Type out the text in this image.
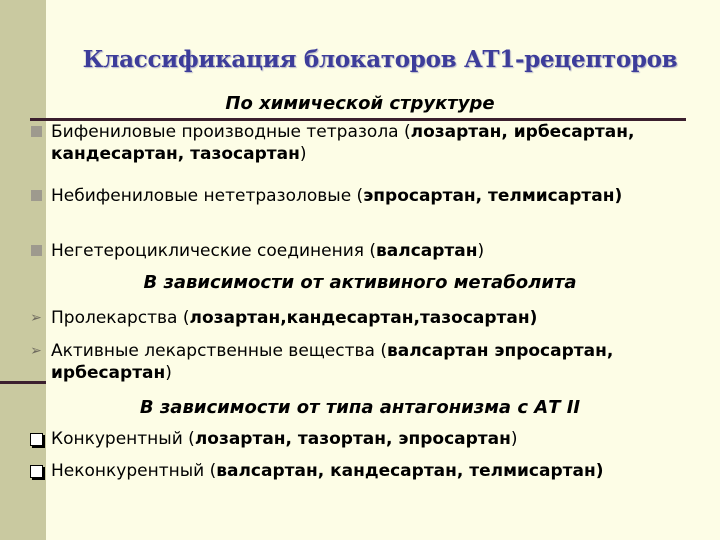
Классификация блокаторов АТ1-рецепторов
По химической структуре
Бифениловые производные тетразола (лозартан, ирбесартан, кандесартан, тазосартан)
Небифениловые нететразоловые (эпросартан, телмисартан)
Негетероциклические соединения (валсартан)
В зависимости от активиного метаболита
➢ Пролекарства (лозартан,кандесартан,тазосартан)
➢ Активные лекарственные вещества (валсартан эпросартан, ирбесартан)
В зависимости от типа антагонизма с АТ II
Конкурентный (лозартан, тазортан, эпросартан)
Неконкурентный (валсартан, кандесартан, телмисартан)
